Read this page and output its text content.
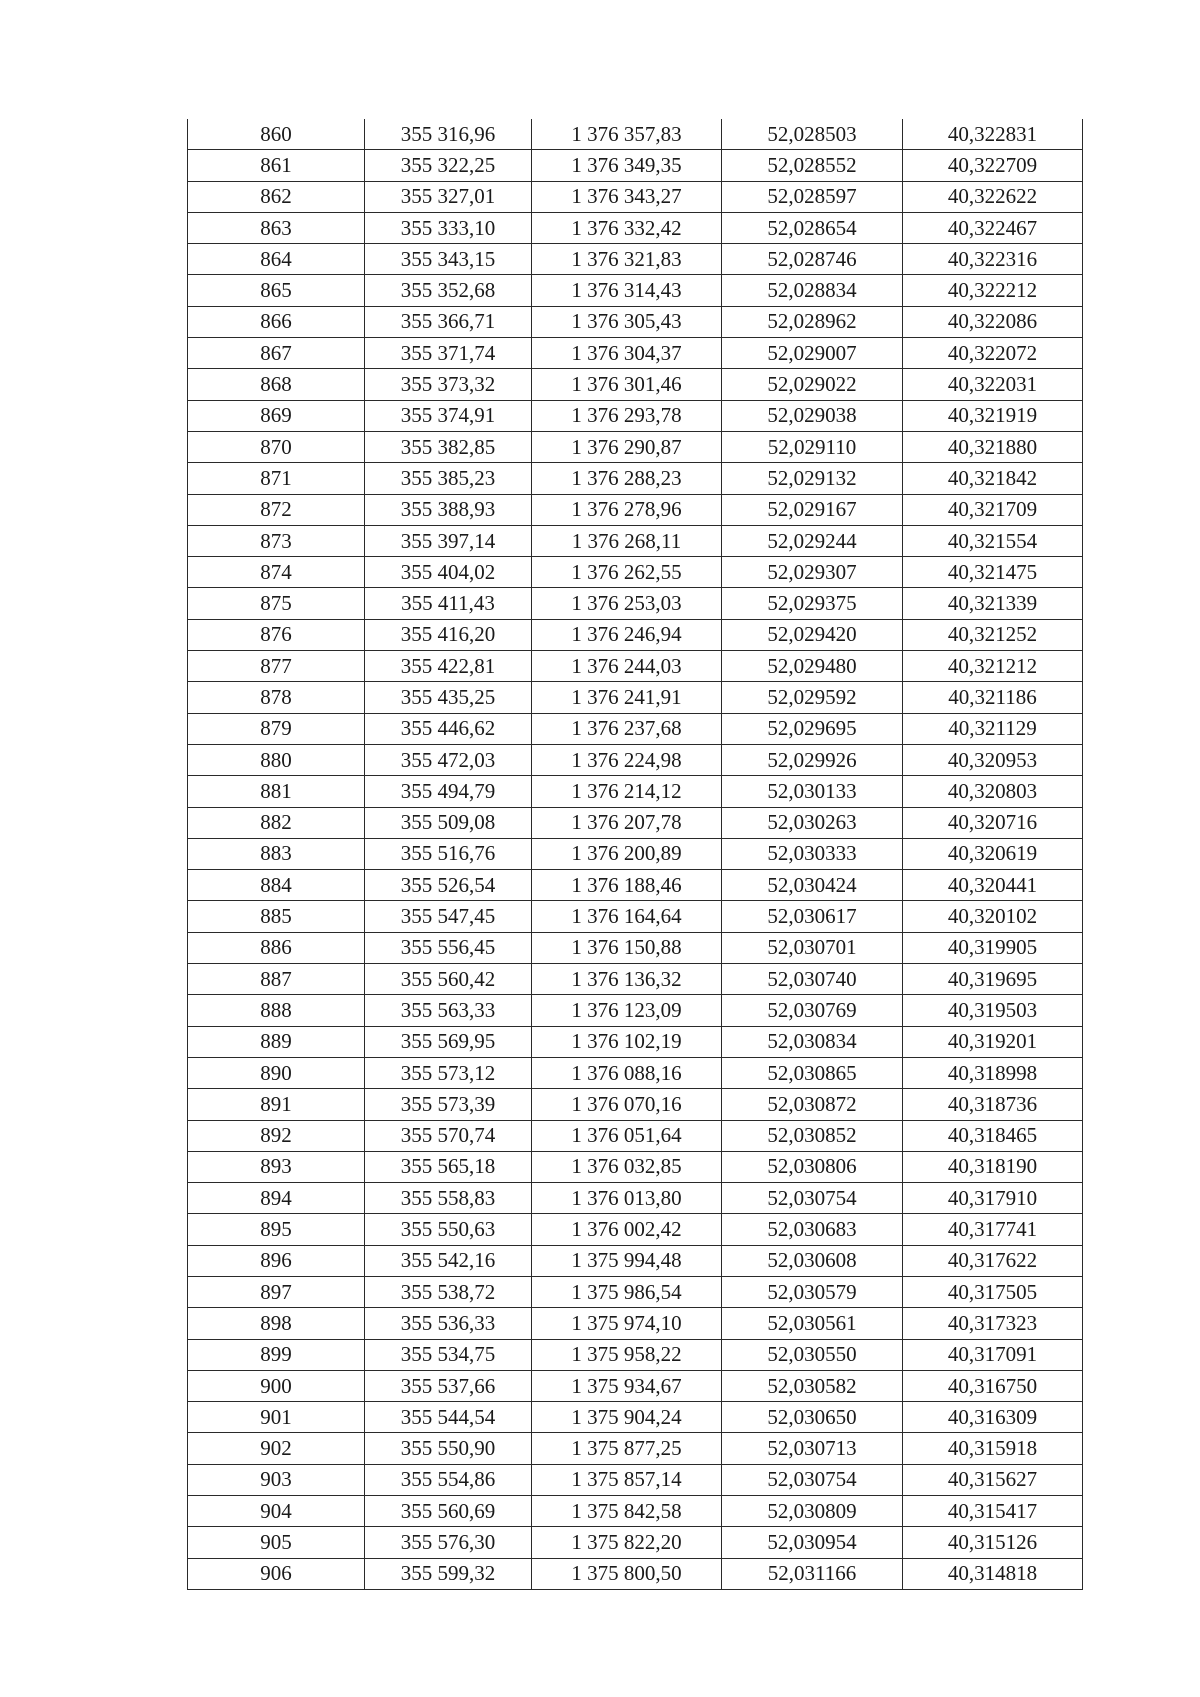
860	355 316,96	1 376 357,83	52,028503	40,322831
861	355 322,25	1 376 349,35	52,028552	40,322709
862	355 327,01	1 376 343,27	52,028597	40,322622
863	355 333,10	1 376 332,42	52,028654	40,322467
864	355 343,15	1 376 321,83	52,028746	40,322316
865	355 352,68	1 376 314,43	52,028834	40,322212
866	355 366,71	1 376 305,43	52,028962	40,322086
867	355 371,74	1 376 304,37	52,029007	40,322072
868	355 373,32	1 376 301,46	52,029022	40,322031
869	355 374,91	1 376 293,78	52,029038	40,321919
870	355 382,85	1 376 290,87	52,029110	40,321880
871	355 385,23	1 376 288,23	52,029132	40,321842
872	355 388,93	1 376 278,96	52,029167	40,321709
873	355 397,14	1 376 268,11	52,029244	40,321554
874	355 404,02	1 376 262,55	52,029307	40,321475
875	355 411,43	1 376 253,03	52,029375	40,321339
876	355 416,20	1 376 246,94	52,029420	40,321252
877	355 422,81	1 376 244,03	52,029480	40,321212
878	355 435,25	1 376 241,91	52,029592	40,321186
879	355 446,62	1 376 237,68	52,029695	40,321129
880	355 472,03	1 376 224,98	52,029926	40,320953
881	355 494,79	1 376 214,12	52,030133	40,320803
882	355 509,08	1 376 207,78	52,030263	40,320716
883	355 516,76	1 376 200,89	52,030333	40,320619
884	355 526,54	1 376 188,46	52,030424	40,320441
885	355 547,45	1 376 164,64	52,030617	40,320102
886	355 556,45	1 376 150,88	52,030701	40,319905
887	355 560,42	1 376 136,32	52,030740	40,319695
888	355 563,33	1 376 123,09	52,030769	40,319503
889	355 569,95	1 376 102,19	52,030834	40,319201
890	355 573,12	1 376 088,16	52,030865	40,318998
891	355 573,39	1 376 070,16	52,030872	40,318736
892	355 570,74	1 376 051,64	52,030852	40,318465
893	355 565,18	1 376 032,85	52,030806	40,318190
894	355 558,83	1 376 013,80	52,030754	40,317910
895	355 550,63	1 376 002,42	52,030683	40,317741
896	355 542,16	1 375 994,48	52,030608	40,317622
897	355 538,72	1 375 986,54	52,030579	40,317505
898	355 536,33	1 375 974,10	52,030561	40,317323
899	355 534,75	1 375 958,22	52,030550	40,317091
900	355 537,66	1 375 934,67	52,030582	40,316750
901	355 544,54	1 375 904,24	52,030650	40,316309
902	355 550,90	1 375 877,25	52,030713	40,315918
903	355 554,86	1 375 857,14	52,030754	40,315627
904	355 560,69	1 375 842,58	52,030809	40,315417
905	355 576,30	1 375 822,20	52,030954	40,315126
906	355 599,32	1 375 800,50	52,031166	40,314818
